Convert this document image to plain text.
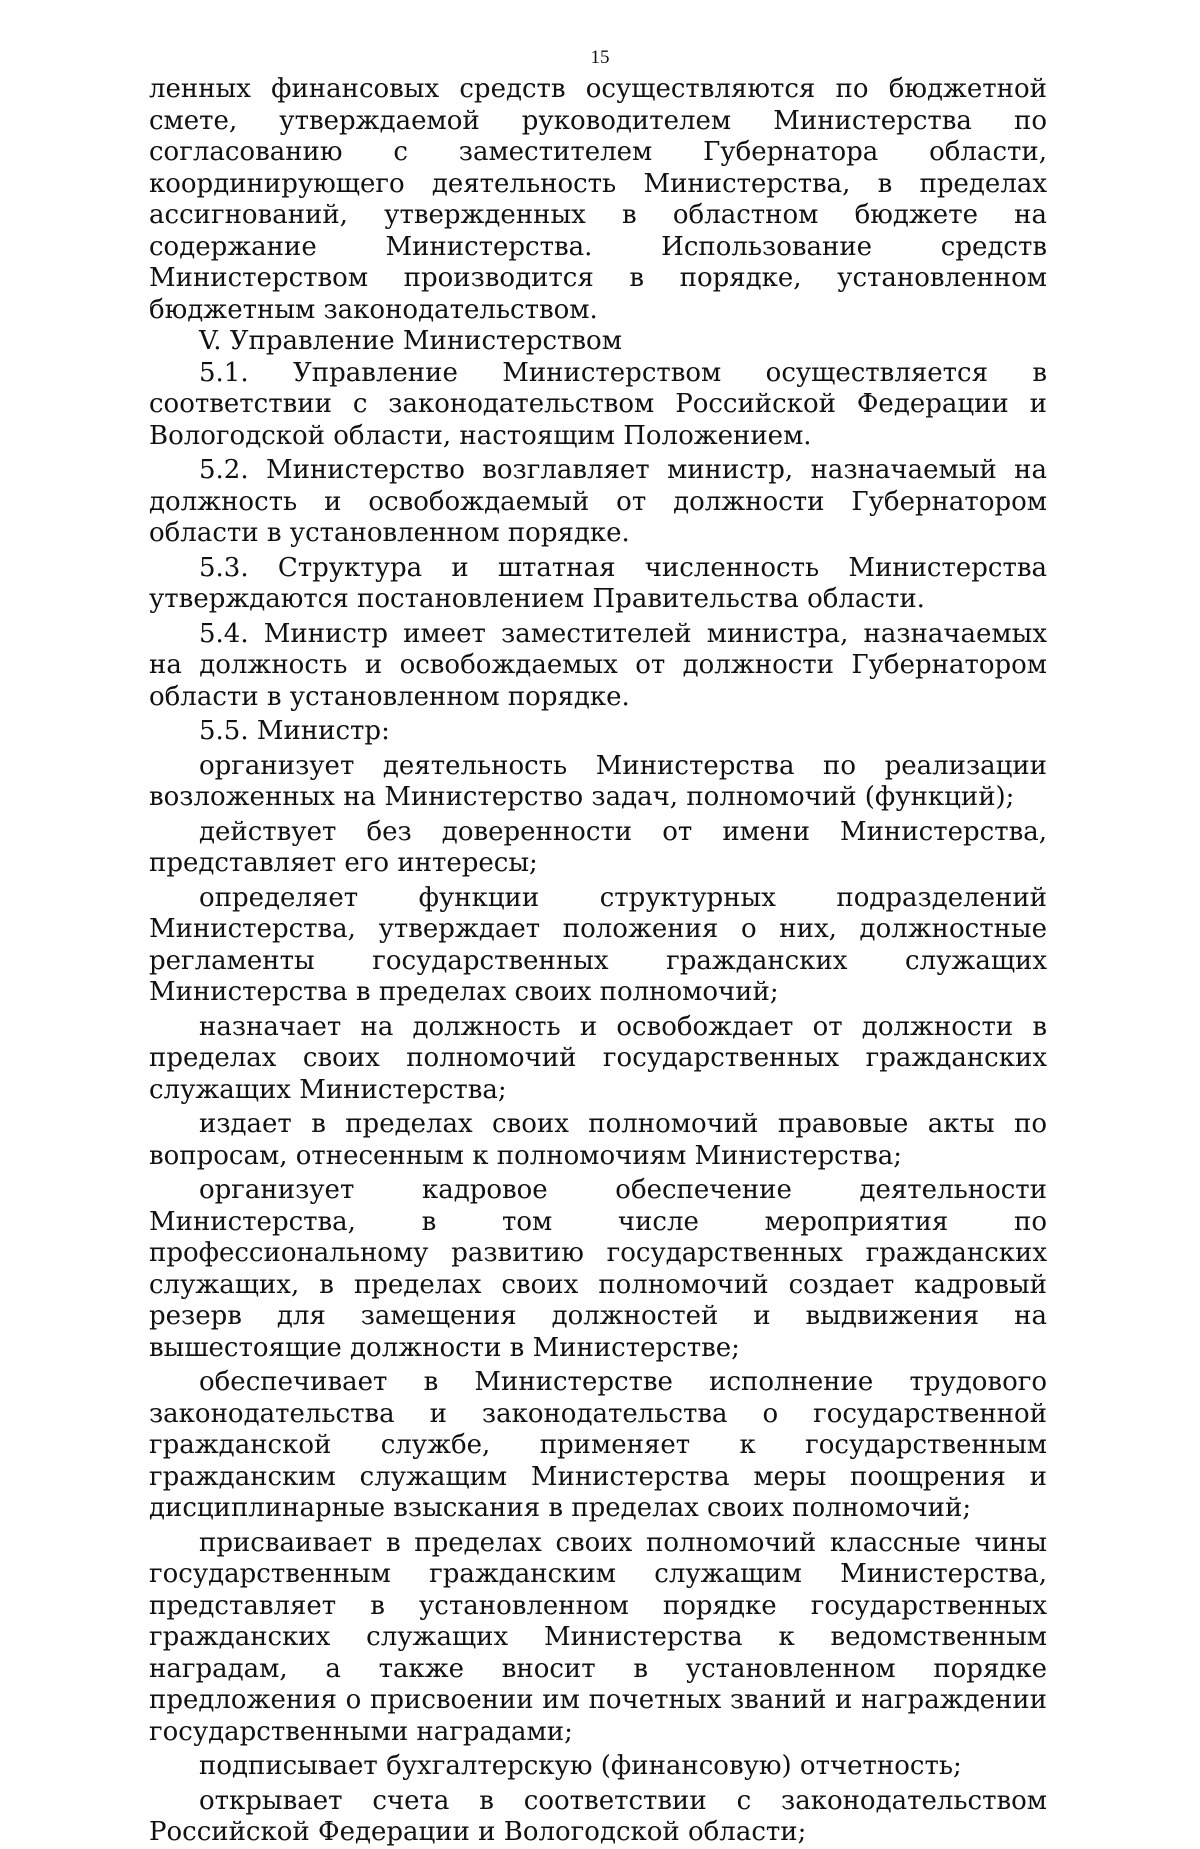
15

ленных финансовых средств осуществляются по бюджетной смете, утверждаемой руководителем Министерства по согласованию с заместителем Губернатора области, координирующего деятельность Министерства, в пределах ассигнований, утвержденных в областном бюджете на содержание Министерства. Использование средств Министерством производится в порядке, установленном бюджетным законодательством.

V. Управление Министерством

5.1. Управление Министерством осуществляется в соответствии с законодательством Российской Федерации и Вологодской области, настоящим Положением.

5.2. Министерство возглавляет министр, назначаемый на должность и освобождаемый от должности Губернатором области в установленном порядке.

5.3. Структура и штатная численность Министерства утверждаются постановлением Правительства области.

5.4. Министр имеет заместителей министра, назначаемых на должность и освобождаемых от должности Губернатором области в установленном порядке.

5.5. Министр:

организует деятельность Министерства по реализации возложенных на Министерство задач, полномочий (функций);

действует без доверенности от имени Министерства, представляет его интересы;

определяет функции структурных подразделений Министерства, утверждает положения о них, должностные регламенты государственных гражданских служащих Министерства в пределах своих полномочий;

назначает на должность и освобождает от должности в пределах своих полномочий государственных гражданских служащих Министерства;

издает в пределах своих полномочий правовые акты по вопросам, отнесенным к полномочиям Министерства;

организует кадровое обеспечение деятельности Министерства, в том числе мероприятия по профессиональному развитию государственных гражданских служащих, в пределах своих полномочий создает кадровый резерв для замещения должностей и выдвижения на вышестоящие должности в Министерстве;

обеспечивает в Министерстве исполнение трудового законодательства и законодательства о государственной гражданской службе, применяет к государственным гражданским служащим Министерства меры поощрения и дисциплинарные взыскания в пределах своих полномочий;

присваивает в пределах своих полномочий классные чины государственным гражданским служащим Министерства, представляет в установленном порядке государственных гражданских служащих Министерства к ведомственным наградам, а также вносит в установленном порядке предложения о присвоении им почетных званий и награждении государственными наградами;

подписывает бухгалтерскую (финансовую) отчетность;

открывает счета в соответствии с законодательством Российской Федерации и Вологодской области;
